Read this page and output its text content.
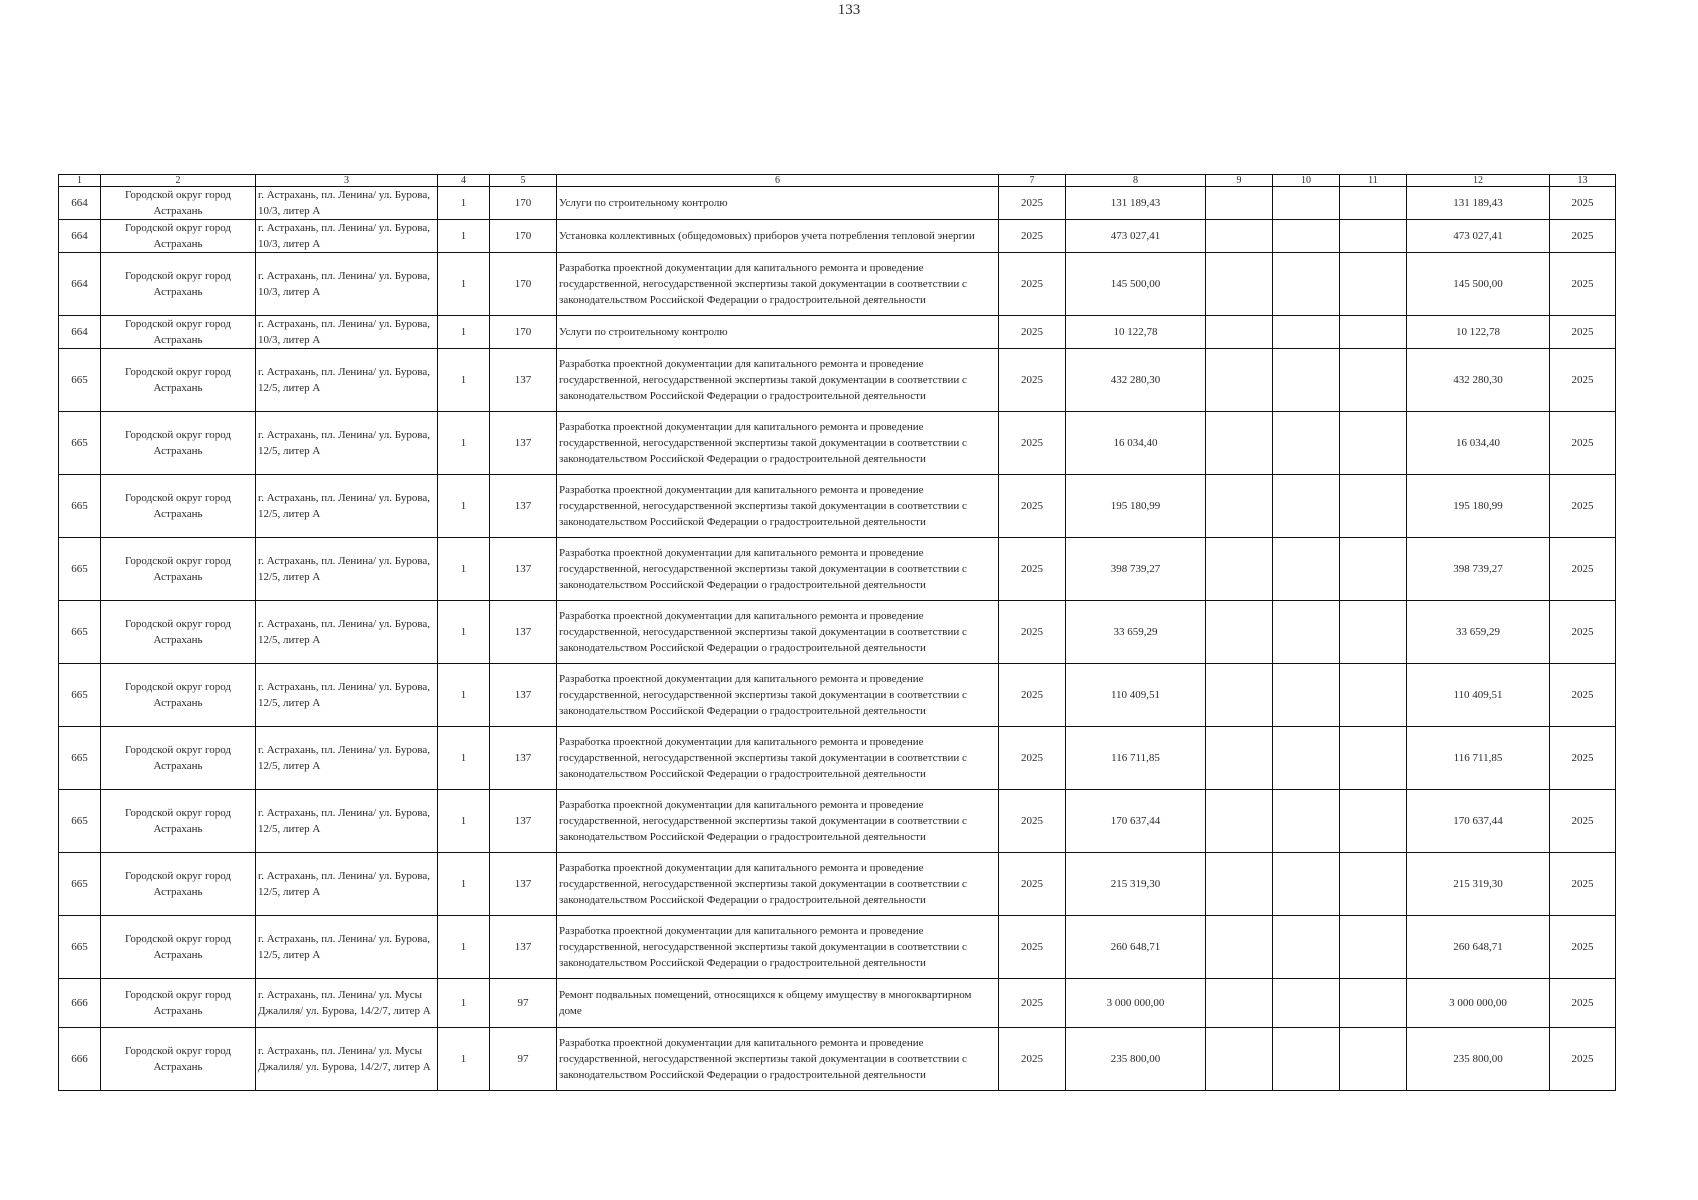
133
1	2	3	4	5	6	7	8	9	10	11	12	13
664	Городской округ город Астрахань	г. Астрахань, пл. Ленина/ ул. Бурова, 10/3, литер А	1	170	Услуги по строительному контролю	2025	131 189,43				131 189,43	2025
664	Городской округ город Астрахань	г. Астрахань, пл. Ленина/ ул. Бурова, 10/3, литер А	1	170	Установка коллективных (общедомовых) приборов учета потребления тепловой энергии	2025	473 027,41				473 027,41	2025
664	Городской округ город Астрахань	г. Астрахань, пл. Ленина/ ул. Бурова, 10/3, литер А	1	170	Разработка проектной документации для капитального ремонта и проведение государственной, негосударственной экспертизы такой документации в соответствии с законодательством Российской Федерации о градостроительной деятельности	2025	145 500,00				145 500,00	2025
664	Городской округ город Астрахань	г. Астрахань, пл. Ленина/ ул. Бурова, 10/3, литер А	1	170	Услуги по строительному контролю	2025	10 122,78				10 122,78	2025
665	Городской округ город Астрахань	г. Астрахань, пл. Ленина/ ул. Бурова, 12/5, литер А	1	137	Разработка проектной документации для капитального ремонта и проведение государственной, негосударственной экспертизы такой документации в соответствии с законодательством Российской Федерации о градостроительной деятельности	2025	432 280,30				432 280,30	2025
665	Городской округ город Астрахань	г. Астрахань, пл. Ленина/ ул. Бурова, 12/5, литер А	1	137	Разработка проектной документации для капитального ремонта и проведение государственной, негосударственной экспертизы такой документации в соответствии с законодательством Российской Федерации о градостроительной деятельности	2025	16 034,40				16 034,40	2025
665	Городской округ город Астрахань	г. Астрахань, пл. Ленина/ ул. Бурова, 12/5, литер А	1	137	Разработка проектной документации для капитального ремонта и проведение государственной, негосударственной экспертизы такой документации в соответствии с законодательством Российской Федерации о градостроительной деятельности	2025	195 180,99				195 180,99	2025
665	Городской округ город Астрахань	г. Астрахань, пл. Ленина/ ул. Бурова, 12/5, литер А	1	137	Разработка проектной документации для капитального ремонта и проведение государственной, негосударственной экспертизы такой документации в соответствии с законодательством Российской Федерации о градостроительной деятельности	2025	398 739,27				398 739,27	2025
665	Городской округ город Астрахань	г. Астрахань, пл. Ленина/ ул. Бурова, 12/5, литер А	1	137	Разработка проектной документации для капитального ремонта и проведение государственной, негосударственной экспертизы такой документации в соответствии с законодательством Российской Федерации о градостроительной деятельности	2025	33 659,29				33 659,29	2025
665	Городской округ город Астрахань	г. Астрахань, пл. Ленина/ ул. Бурова, 12/5, литер А	1	137	Разработка проектной документации для капитального ремонта и проведение государственной, негосударственной экспертизы такой документации в соответствии с законодательством Российской Федерации о градостроительной деятельности	2025	110 409,51				110 409,51	2025
665	Городской округ город Астрахань	г. Астрахань, пл. Ленина/ ул. Бурова, 12/5, литер А	1	137	Разработка проектной документации для капитального ремонта и проведение государственной, негосударственной экспертизы такой документации в соответствии с законодательством Российской Федерации о градостроительной деятельности	2025	116 711,85				116 711,85	2025
665	Городской округ город Астрахань	г. Астрахань, пл. Ленина/ ул. Бурова, 12/5, литер А	1	137	Разработка проектной документации для капитального ремонта и проведение государственной, негосударственной экспертизы такой документации в соответствии с законодательством Российской Федерации о градостроительной деятельности	2025	170 637,44				170 637,44	2025
665	Городской округ город Астрахань	г. Астрахань, пл. Ленина/ ул. Бурова, 12/5, литер А	1	137	Разработка проектной документации для капитального ремонта и проведение государственной, негосударственной экспертизы такой документации в соответствии с законодательством Российской Федерации о градостроительной деятельности	2025	215 319,30				215 319,30	2025
665	Городской округ город Астрахань	г. Астрахань, пл. Ленина/ ул. Бурова, 12/5, литер А	1	137	Разработка проектной документации для капитального ремонта и проведение государственной, негосударственной экспертизы такой документации в соответствии с законодательством Российской Федерации о градостроительной деятельности	2025	260 648,71				260 648,71	2025
666	Городской округ город Астрахань	г. Астрахань, пл. Ленина/ ул. Мусы Джалиля/ ул. Бурова, 14/2/7, литер А	1	97	Ремонт подвальных помещений, относящихся к общему имуществу в многоквартирном доме	2025	3 000 000,00				3 000 000,00	2025
666	Городской округ город Астрахань	г. Астрахань, пл. Ленина/ ул. Мусы Джалиля/ ул. Бурова, 14/2/7, литер А	1	97	Разработка проектной документации для капитального ремонта и проведение государственной, негосударственной экспертизы такой документации в соответствии с законодательством Российской Федерации о градостроительной деятельности	2025	235 800,00				235 800,00	2025
